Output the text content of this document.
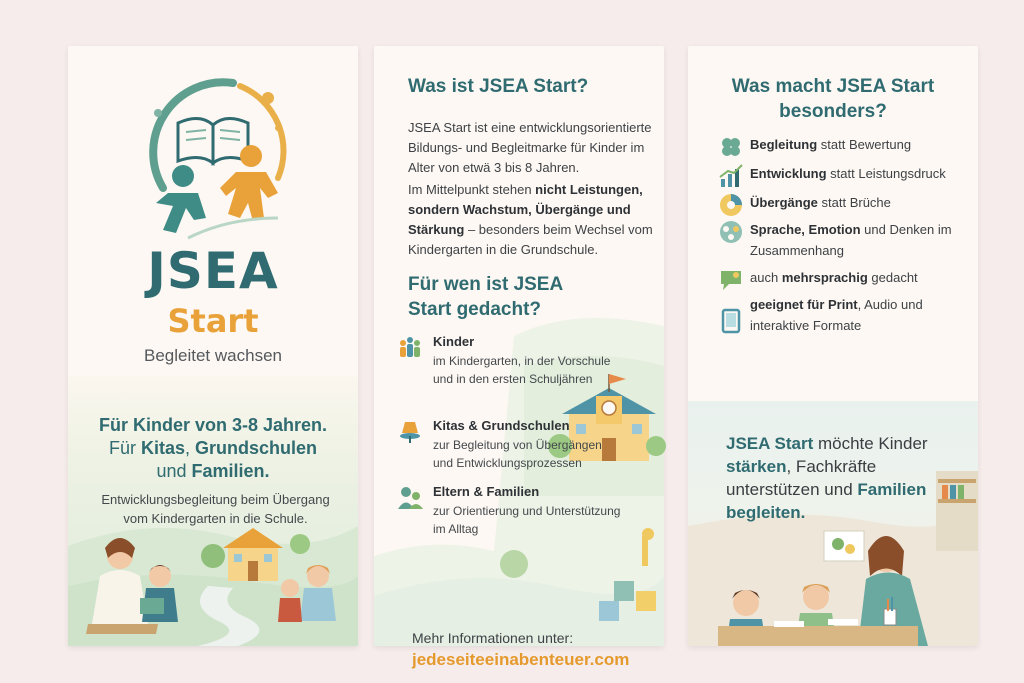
JSEA
Start
Begleitet wachsen
Für Kinder von 3-8 Jahren.
Für Kitas, Grundschulen
und Familien.
Entwicklungsbegleitung beim Übergang vom Kindergarten in die Schule.
Was ist JSEA Start?

JSEA Start ist eine entwicklungsorientierte Bildungs- und Begleitmarke für Kinder im Alter von etwä 3 bis 8 Jahren.

Im Mittelpunkt stehen nicht Leistungen, sondern Wachstum, Übergänge und Stärkung – besonders beim Wechsel vom Kindergarten in die Grundschule.

Für wen ist JSEA Start gedacht?
Kinder
im Kindergarten, in der Vorschule und in den ersten Schuljähren
Kitas & Grundschulen
zur Begleitung von Übergängen und Entwicklungsprozessen
Eltern & Familien
zur Orientierung und Unterstützung im Alltag
Mehr Informationen unter:
jedeseiteeinabenteuer.com
Was macht JSEA Start besonders?
Begleitung statt Bewertung
Entwicklung statt Leistungsdruck
Übergänge statt Brüche
Sprache, Emotion und Denken im Zusammenhang
auch mehrsprachig gedacht
geeignet für Print, Audio und interaktive Formate
JSEA Start möchte Kinder stärken, Fachkräfte unterstützen und Familien begleiten.
